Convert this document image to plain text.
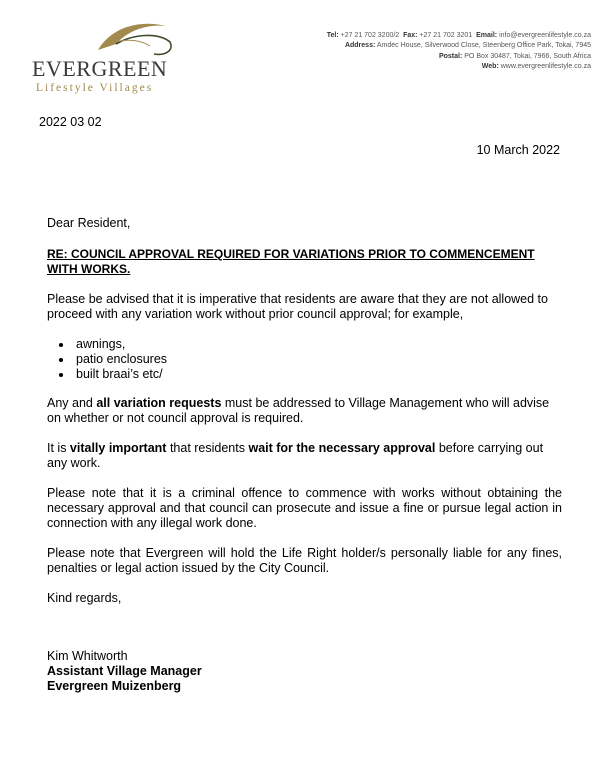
EVERGREEN
Lifestyle Villages
Tel: +27 21 702 3200/2 Fax: +27 21 702 3201 Email: info@evergreenlifestyle.co.za
Address: Amdec House, Silverwood Close, Steenberg Office Park, Tokai, 7945
Postal: PO Box 30487, Tokai, 7966, South Africa
Web: www.evergreenlifestyle.co.za
2022 03 02
10 March 2022

Dear Resident,

RE: COUNCIL APPROVAL REQUIRED FOR VARIATIONS PRIOR TO COMMENCEMENT WITH WORKS.

Please be advised that it is imperative that residents are aware that they are not allowed to proceed with any variation work without prior council approval; for example,

• awnings,
• patio enclosures
• built braai’s etc/

Any and all variation requests must be addressed to Village Management who will advise on whether or not council approval is required.

It is vitally important that residents wait for the necessary approval before carrying out any work.

Please note that it is a criminal offence to commence with works without obtaining the necessary approval and that council can prosecute and issue a fine or pursue legal action in connection with any illegal work done.

Please note that Evergreen will hold the Life Right holder/s personally liable for any fines, penalties or legal action issued by the City Council.

Kind regards,

Kim Whitworth

Assistant Village Manager

Evergreen Muizenberg
